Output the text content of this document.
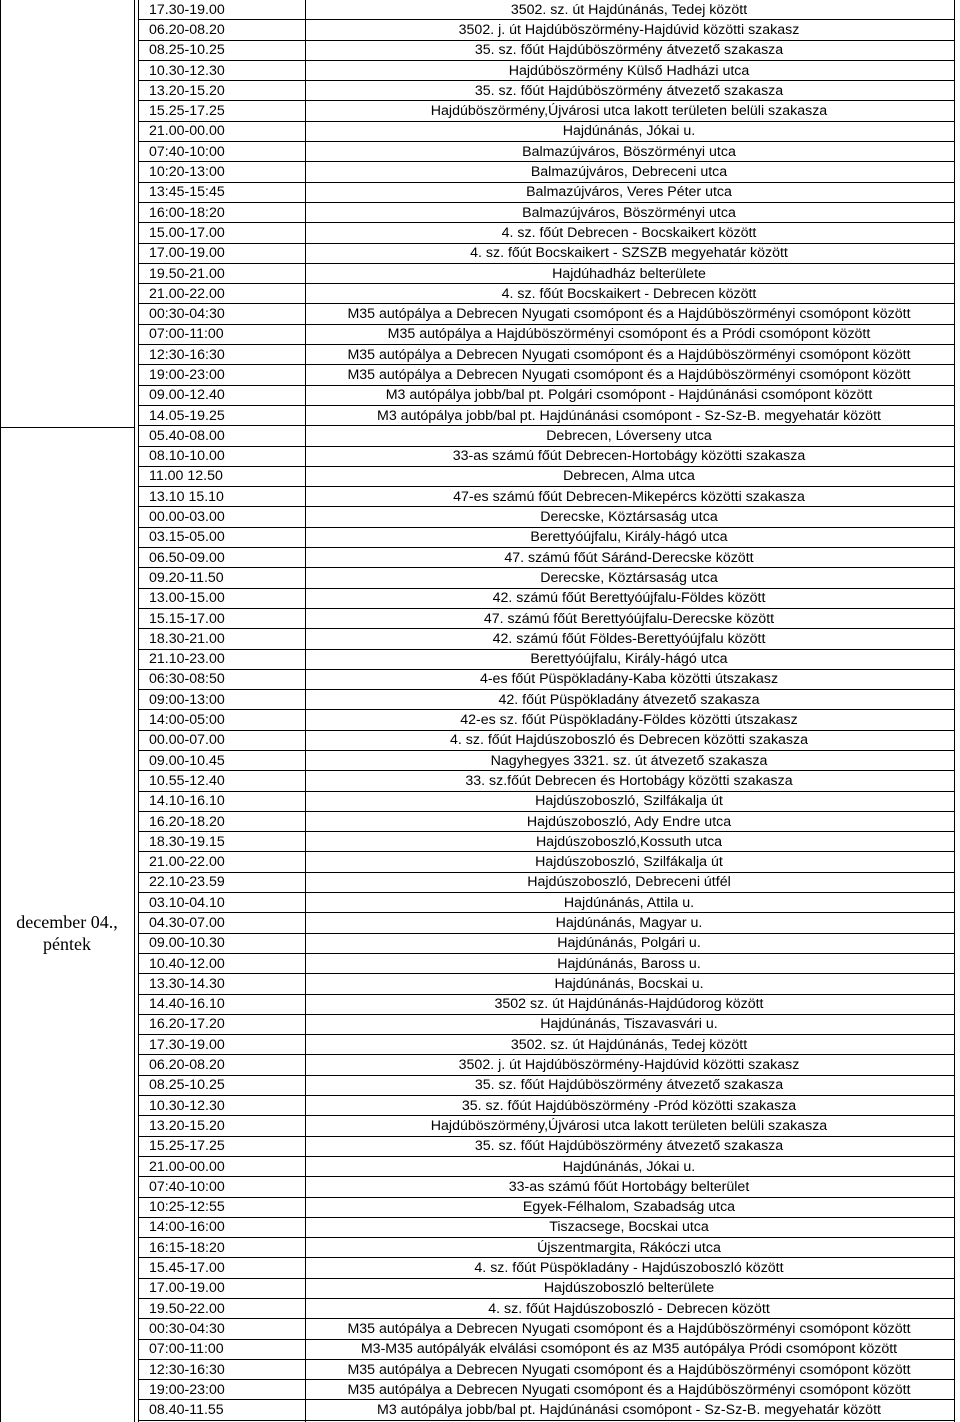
december 04.,
péntek
17.30-19.00	3502. sz. út Hajdúnánás, Tedej között
06.20-08.20	3502. j. út Hajdúböszörmény-Hajdúvid közötti szakasz
08.25-10.25	35. sz. főút Hajdúböszörmény átvezető szakasza
10.30-12.30	Hajdúböszörmény Külső Hadházi utca
13.20-15.20	35. sz. főút Hajdúböszörmény átvezető szakasza
15.25-17.25	Hajdúböszörmény,Újvárosi utca lakott területen belüli szakasza
21.00-00.00	Hajdúnánás, Jókai u.
07:40-10:00	Balmazújváros, Böszörményi utca
10:20-13:00	Balmazújváros, Debreceni utca
13:45-15:45	Balmazújváros, Veres Péter utca
16:00-18:20	Balmazújváros, Böszörményi utca
15.00-17.00	4. sz. főút Debrecen - Bocskaikert között
17.00-19.00	4. sz. főút Bocskaikert - SZSZB megyehatár között
19.50-21.00	Hajdúhadház belterülete
21.00-22.00	4. sz. főút Bocskaikert - Debrecen között
00:30-04:30	M35 autópálya a Debrecen Nyugati csomópont és a Hajdúböszörményi csomópont között
07:00-11:00	M35 autópálya a Hajdúböszörményi csomópont és a Pródi csomópont között
12:30-16:30	M35 autópálya a Debrecen Nyugati csomópont és a Hajdúböszörményi csomópont között
19:00-23:00	M35 autópálya a Debrecen Nyugati csomópont és a Hajdúböszörményi csomópont között
09.00-12.40	M3 autópálya jobb/bal pt. Polgári csomópont - Hajdúnánási csomópont között
14.05-19.25	M3 autópálya jobb/bal pt. Hajdúnánási csomópont - Sz-Sz-B. megyehatár között
05.40-08.00	Debrecen, Lóverseny utca
08.10-10.00	33-as számú főút Debrecen-Hortobágy közötti szakasza
11.00 12.50	Debrecen, Alma utca
13.10 15.10	47-es számú főút Debrecen-Mikepércs közötti szakasza
00.00-03.00	Derecske, Köztársaság utca
03.15-05.00	Berettyóújfalu, Király-hágó utca
06.50-09.00	47. számú főút Sáránd-Derecske között
09.20-11.50	Derecske, Köztársaság utca
13.00-15.00	42. számú főút Berettyóújfalu-Földes között
15.15-17.00	47. számú főút Berettyóújfalu-Derecske között
18.30-21.00	42. számú főút Földes-Berettyóújfalu között
21.10-23.00	Berettyóújfalu, Király-hágó utca
06:30-08:50	4-es főút Püspökladány-Kaba közötti útszakasz
09:00-13:00	42. főút Püspökladány átvezető szakasza
14:00-05:00	42-es sz. főút Püspökladány-Földes közötti útszakasz
00.00-07.00	4. sz. főút Hajdúszoboszló és Debrecen közötti szakasza
09.00-10.45	Nagyhegyes 3321. sz. út átvezető szakasza
10.55-12.40	33. sz.főút Debrecen és Hortobágy közötti szakasza
14.10-16.10	Hajdúszoboszló, Szilfákalja út
16.20-18.20	Hajdúszoboszló, Ady Endre utca
18.30-19.15	Hajdúszoboszló,Kossuth utca
21.00-22.00	Hajdúszoboszló, Szilfákalja út
22.10-23.59	Hajdúszoboszló, Debreceni útfél
03.10-04.10	Hajdúnánás, Attila u.
04.30-07.00	Hajdúnánás, Magyar u.
09.00-10.30	Hajdúnánás, Polgári u.
10.40-12.00	Hajdúnánás, Baross u.
13.30-14.30	Hajdúnánás, Bocskai u.
14.40-16.10	3502 sz. út Hajdúnánás-Hajdúdorog között
16.20-17.20	Hajdúnánás, Tiszavasvári u.
17.30-19.00	3502. sz. út Hajdúnánás, Tedej között
06.20-08.20	3502. j. út Hajdúböszörmény-Hajdúvid közötti szakasz
08.25-10.25	35. sz. főút Hajdúböszörmény átvezető szakasza
10.30-12.30	35. sz. főút Hajdúböszörmény -Pród közötti szakasza
13.20-15.20	Hajdúböszörmény,Újvárosi utca lakott területen belüli szakasza
15.25-17.25	35. sz. főút Hajdúböszörmény átvezető szakasza
21.00-00.00	Hajdúnánás, Jókai u.
07:40-10:00	33-as számú főút Hortobágy belterület
10:25-12:55	Egyek-Félhalom, Szabadság utca
14:00-16:00	Tiszacsege, Bocskai utca
16:15-18:20	Újszentmargita, Rákóczi utca
15.45-17.00	4. sz. főút Püspökladány - Hajdúszoboszló között
17.00-19.00	Hajdúszoboszló belterülete
19.50-22.00	4. sz. főút Hajdúszoboszló - Debrecen között
00:30-04:30	M35 autópálya a Debrecen Nyugati csomópont és a Hajdúböszörményi csomópont között
07:00-11:00	M3-M35 autópályák elválási csomópont és az M35 autópálya Pródi csomópont között
12:30-16:30	M35 autópálya a Debrecen Nyugati csomópont és a Hajdúböszörményi csomópont között
19:00-23:00	M35 autópálya a Debrecen Nyugati csomópont és a Hajdúböszörményi csomópont között
08.40-11.55	M3 autópálya jobb/bal pt. Hajdúnánási csomópont - Sz-Sz-B. megyehatár között
